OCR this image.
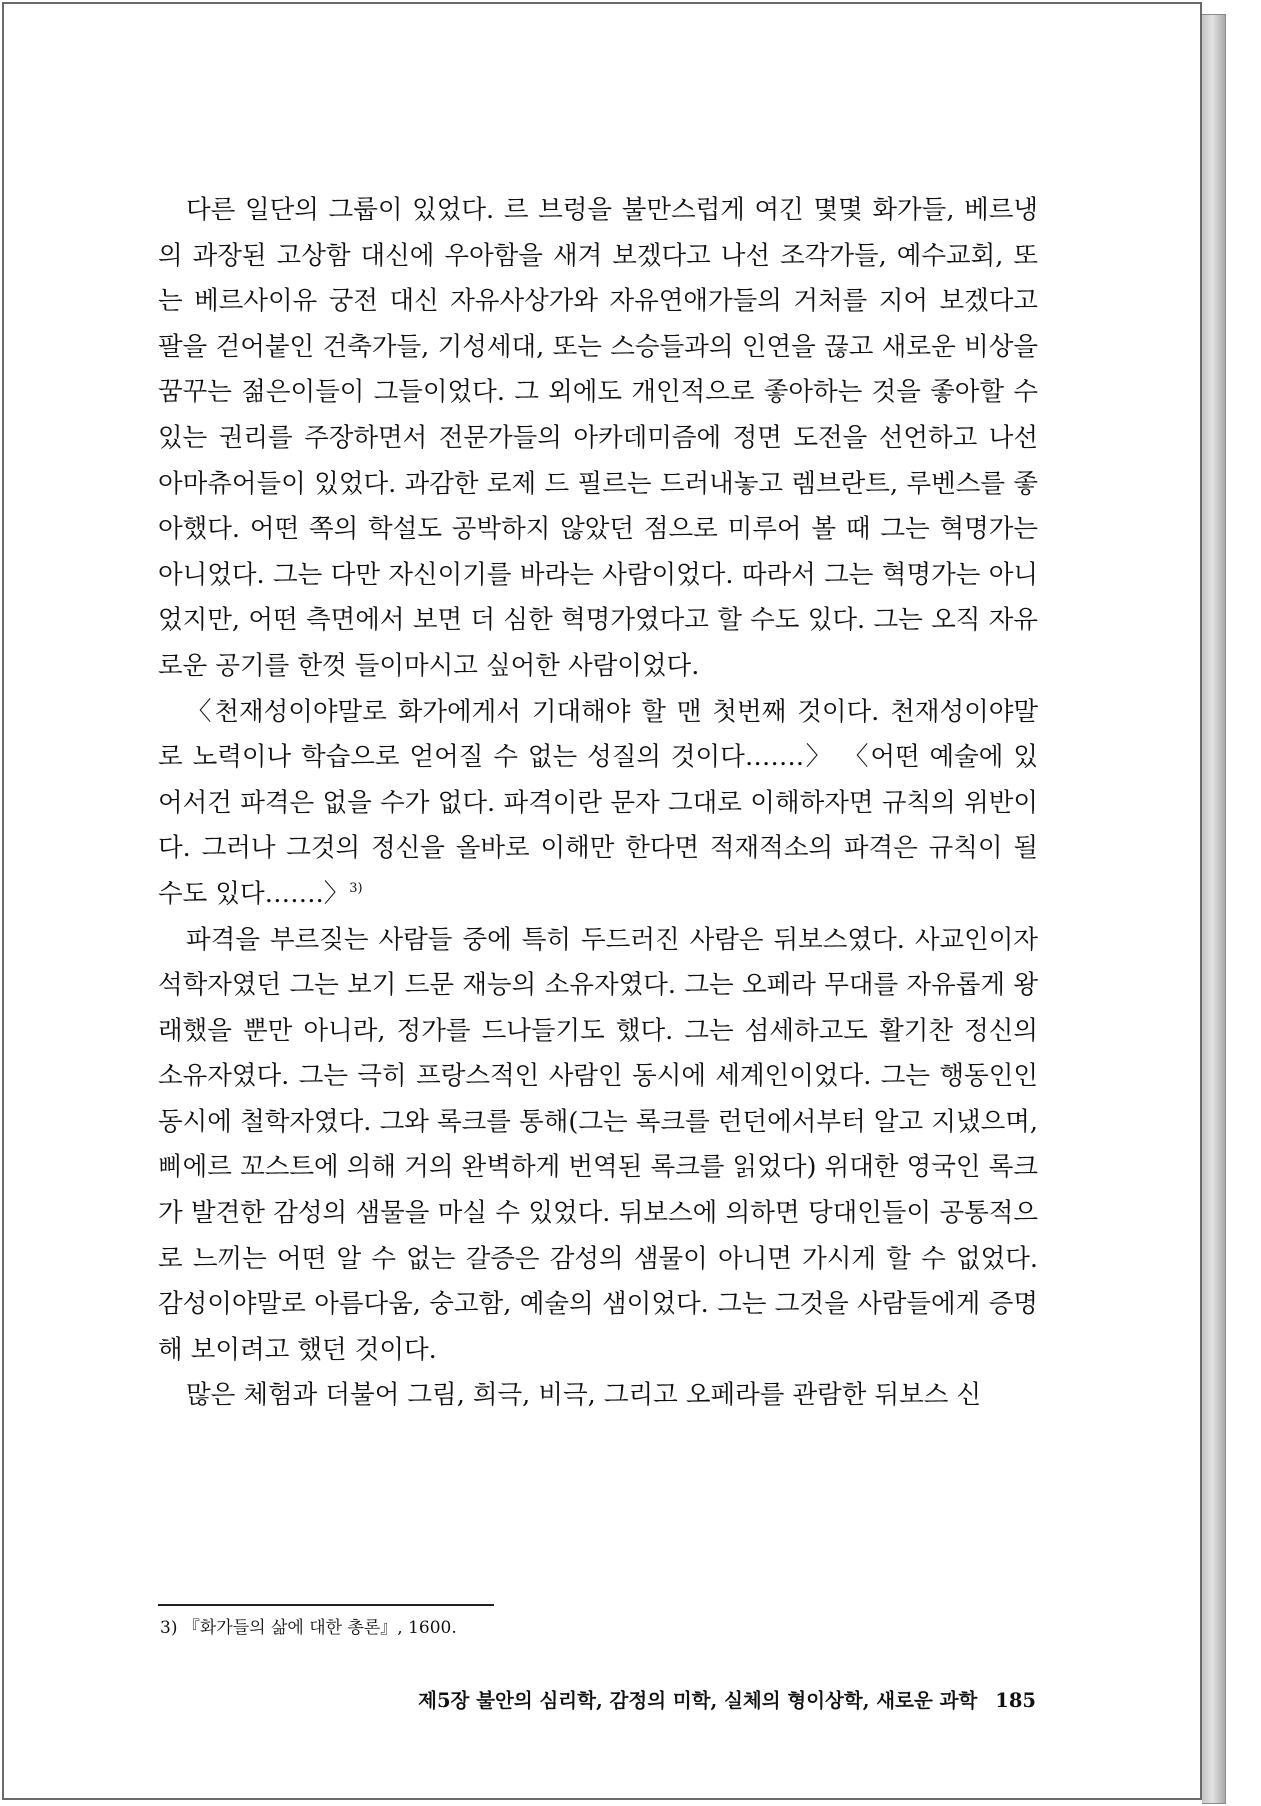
다른 일단의 그룹이 있었다. 르 브렁을 불만스럽게 여긴 몇몇 화가들, 베르냉의 과장된 고상함 대신에 우아함을 새겨 보겠다고 나선 조각가들, 예수교회, 또는 베르사이유 궁전 대신 자유사상가와 자유연애가들의 거처를 지어 보겠다고 팔을 걷어붙인 건축가들, 기성세대, 또는 스승들과의 인연을 끊고 새로운 비상을 꿈꾸는 젊은이들이 그들이었다. 그 외에도 개인적으로 좋아하는 것을 좋아할 수 있는 권리를 주장하면서 전문가들의 아카데미즘에 정면 도전을 선언하고 나선 아마츄어들이 있었다. 과감한 로제 드 필르는 드러내놓고 렘브란트, 루벤스를 좋아했다. 어떤 쪽의 학설도 공박하지 않았던 점으로 미루어 볼 때 그는 혁명가는 아니었다. 그는 다만 자신이기를 바라는 사람이었다. 따라서 그는 혁명가는 아니었지만, 어떤 측면에서 보면 더 심한 혁명가였다고 할 수도 있다. 그는 오직 자유로운 공기를 한껏 들이마시고 싶어한 사람이었다.

〈천재성이야말로 화가에게서 기대해야 할 맨 첫번째 것이다. 천재성이야말로 노력이나 학습으로 얻어질 수 없는 성질의 것이다…….〉 〈어떤 예술에 있어서건 파격은 없을 수가 없다. 파격이란 문자 그대로 이해하자면 규칙의 위반이다. 그러나 그것의 정신을 올바로 이해만 한다면 적재적소의 파격은 규칙이 될 수도 있다…….〉$^{3)}$

파격을 부르짖는 사람들 중에 특히 두드러진 사람은 뒤보스였다. 사교인이자 석학자였던 그는 보기 드문 재능의 소유자였다. 그는 오페라 무대를 자유롭게 왕래했을 뿐만 아니라, 정가를 드나들기도 했다. 그는 섬세하고도 활기찬 정신의 소유자였다. 그는 극히 프랑스적인 사람인 동시에 세계인이었다. 그는 행동인인 동시에 철학자였다. 그와 록크를 통해(그는 록크를 런던에서부터 알고 지냈으며, 삐에르 꼬스트에 의해 거의 완벽하게 번역된 록크를 읽었다) 위대한 영국인 록크가 발견한 감성의 샘물을 마실 수 있었다. 뒤보스에 의하면 당대인들이 공통적으로 느끼는 어떤 알 수 없는 갈증은 감성의 샘물이 아니면 가시게 할 수 없었다. 감성이야말로 아름다움, 숭고함, 예술의 샘이었다. 그는 그것을 사람들에게 증명해 보이려고 했던 것이다.

많은 체험과 더불어 그림, 희극, 비극, 그리고 오페라를 관람한 뒤보스 신

3) 『화가들의 삶에 대한 총론』, 1600.
제5장 불안의 심리학, 감정의 미학, 실체의 형이상학, 새로운 과학 185
